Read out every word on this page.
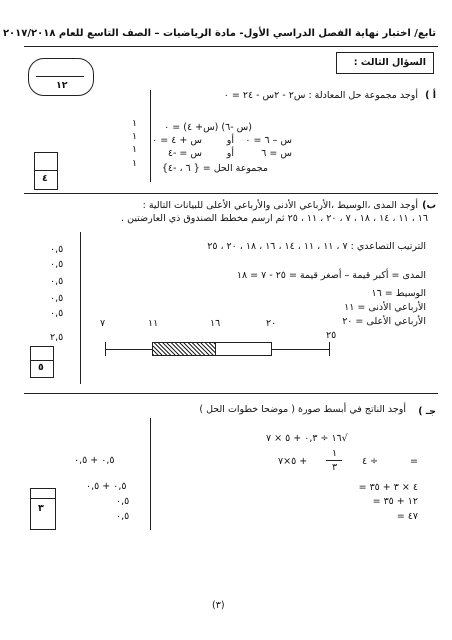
تابع/ اختبار نهاية الفصل الدراسي الأول- مادة الرياضيات – الصف التاسع للعام ٢٠١٧/٢٠١٨
١٢
السؤال الثالث :
أ )
أوجد مجموعة حل المعادلة : س٢ - ٢س - ٢٤ = ٠
(س -٦) (س+ ٤) = ٠
س – ٦ = ٠
أو
س + ٤ = ٠
س = ٦
أو
س = -٤
مجموعة الحل = { ٦ ، -٤}
١
١
١
١
٤
ب)
أوجد المدى ،الوسيط ،الأرباعي الأدنى والأرباعي الأعلى للبيانات التالية :
١٦ ، ١١ ، ١٤ ، ١٨ ، ٧ ، ٢٠ ، ١١ ، ٢٥ ثم ارسم مخطط الصندوق ذي العارضتين .
الترتيب التصاعدي : ٧ ، ١١ ، ١١ ، ١٤ ، ١٦ ، ١٨ ، ٢٠ ، ٢٥
المدى = أكبر قيمة – أصغر قيمة = ٢٥ - ٧ = ١٨
الوسيط = ١٦
الأرباعي الأدنى = ١١
الأرباعي الأعلى = ٢٠
٠,٥
٠,٥
٠,٥
٠,٥
٠,٥
٢,٥
٧	١١	١٦	٢٠
٢٥
٥
جـ )
أوجد الناتج في أبسط صورة ( موضحا خطوات الحل )
√١٦ ÷ ٠,٣ + ٥ × ٧
=
٤ ÷
١
٣
+ ٥×٧
= ٤ × ٣ + ٣٥
= ١٢ + ٣٥
= ٤٧
٠,٥ + ٠,٥
٠,٥ + ٠,٥
٠,٥
٠,٥
٣
(٣)
